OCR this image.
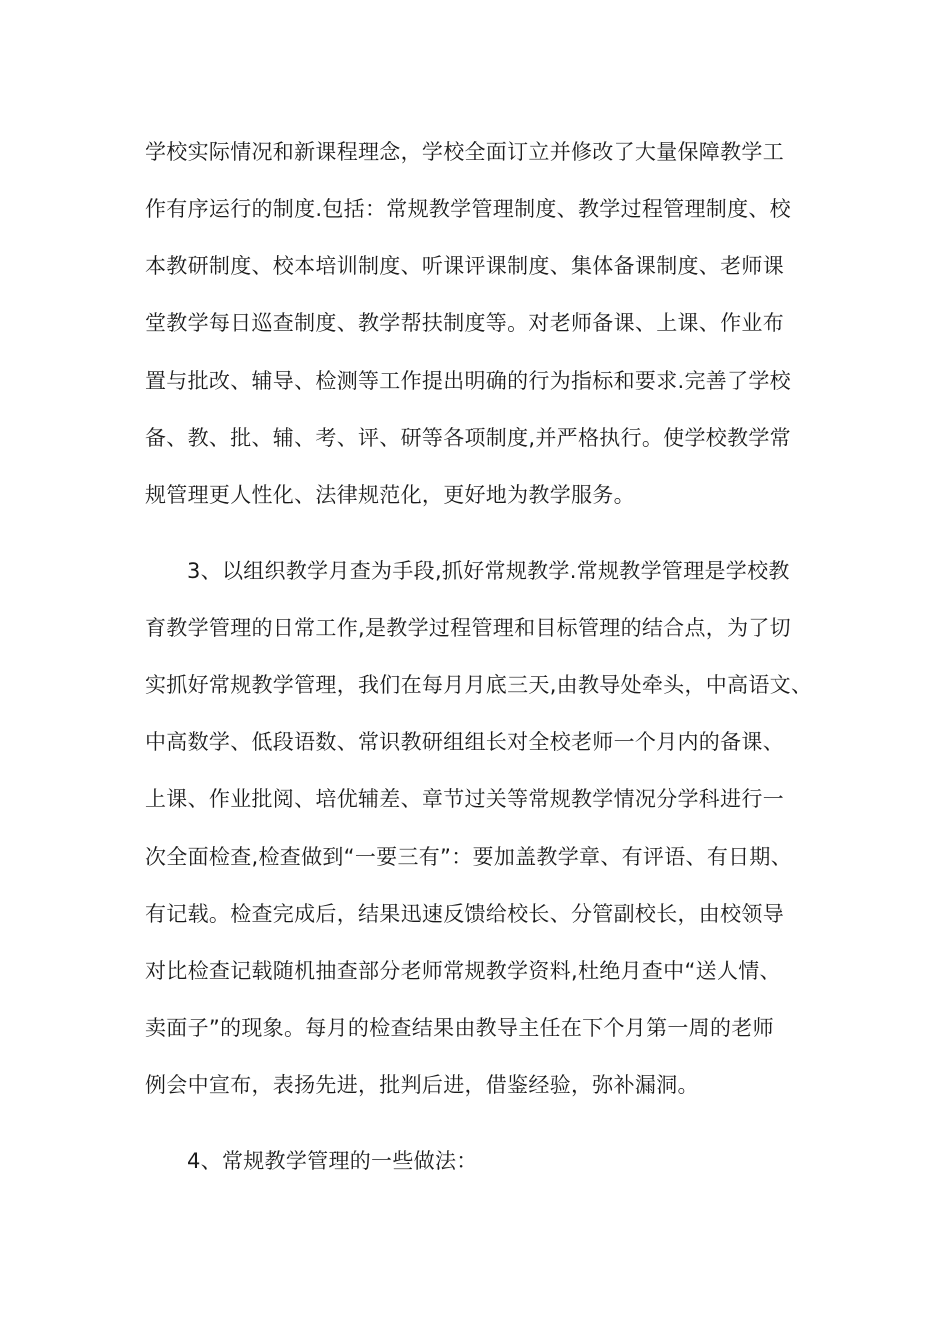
学校实际情况和新课程理念，学校全面订立并修改了大量保障教学工
作有序运行的制度.包括：常规教学管理制度、教学过程管理制度、校
本教研制度、校本培训制度、听课评课制度、集体备课制度、老师课
堂教学每日巡查制度、教学帮扶制度等。对老师备课、上课、作业布
置与批改、辅导、检测等工作提出明确的行为指标和要求.完善了学校
备、教、批、辅、考、评、研等各项制度,并严格执行。使学校教学常
规管理更人性化、法律规范化，更好地为教学服务。
3、以组织教学月查为手段,抓好常规教学.常规教学管理是学校教
育教学管理的日常工作,是教学过程管理和目标管理的结合点，为了切
实抓好常规教学管理，我们在每月月底三天,由教导处牵头，中高语文、
中高数学、低段语数、常识教研组组长对全校老师一个月内的备课、
上课、作业批阅、培优辅差、章节过关等常规教学情况分学科进行一
次全面检查,检查做到“一要三有”：要加盖教学章、有评语、有日期、
有记载。检查完成后，结果迅速反馈给校长、分管副校长，由校领导
对比检查记载随机抽查部分老师常规教学资料,杜绝月查中“送人情、
卖面子”的现象。每月的检查结果由教导主任在下个月第一周的老师
例会中宣布，表扬先进，批判后进，借鉴经验，弥补漏洞。
4、常规教学管理的一些做法：
